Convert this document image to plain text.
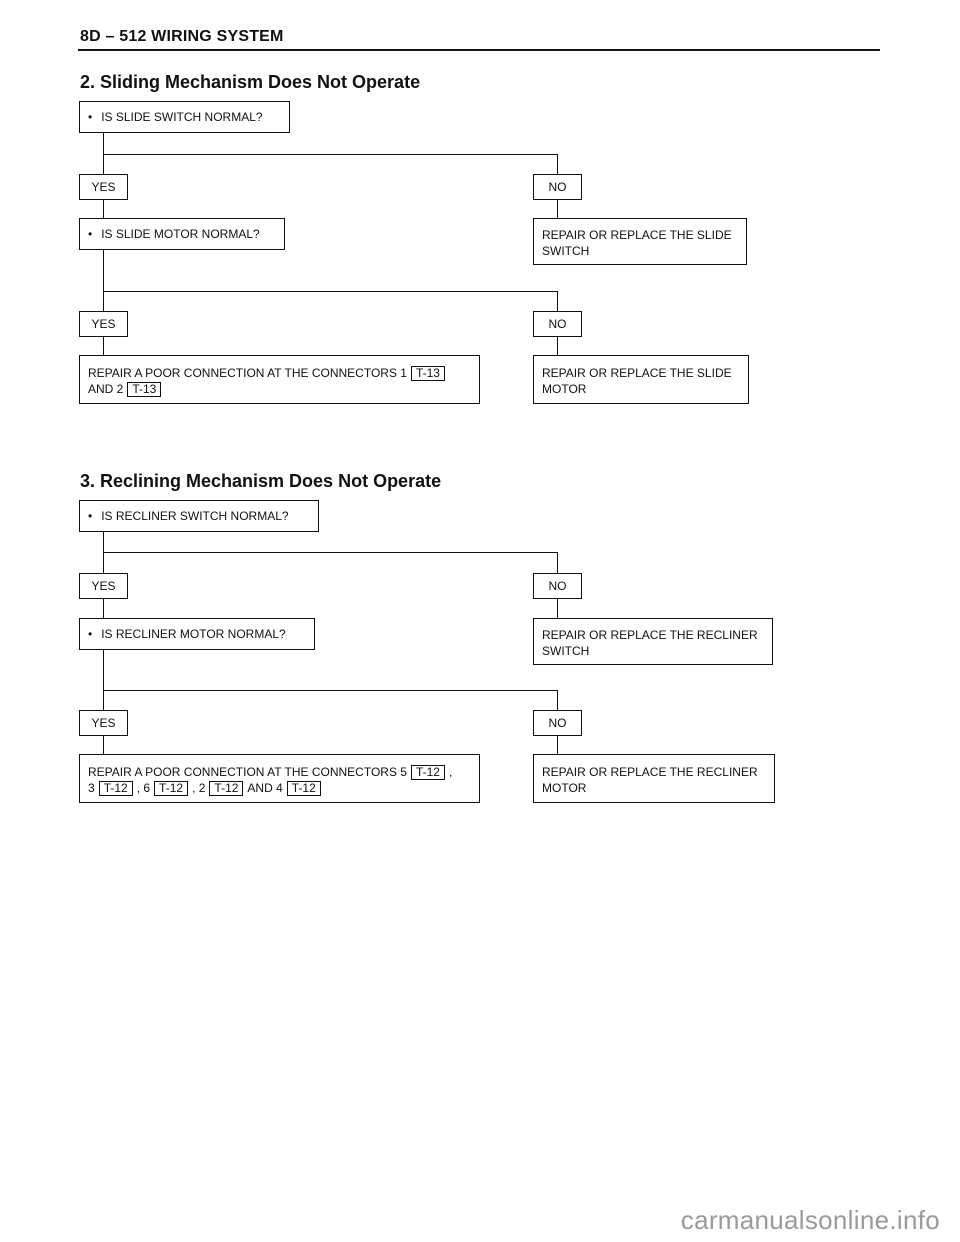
8D – 512 WIRING SYSTEM
2. Sliding Mechanism Does Not Operate
• IS SLIDE SWITCH NORMAL?
YES	NO
• IS SLIDE MOTOR NORMAL?	REPAIR OR REPLACE THE SLIDE
SWITCH
YES	NO
REPAIR A POOR CONNECTION AT THE CONNECTORS 1 T-13
AND 2 T-13
REPAIR OR REPLACE THE SLIDE
MOTOR
3. Reclining Mechanism Does Not Operate
• IS RECLINER SWITCH NORMAL?
YES	NO
• IS RECLINER MOTOR NORMAL?	REPAIR OR REPLACE THE RECLINER
SWITCH
YES	NO
REPAIR A POOR CONNECTION AT THE CONNECTORS 5 T-12 ,
3 T-12 , 6 T-12 , 2 T-12 AND 4 T-12
REPAIR OR REPLACE THE RECLINER
MOTOR
carmanualsonline.info
